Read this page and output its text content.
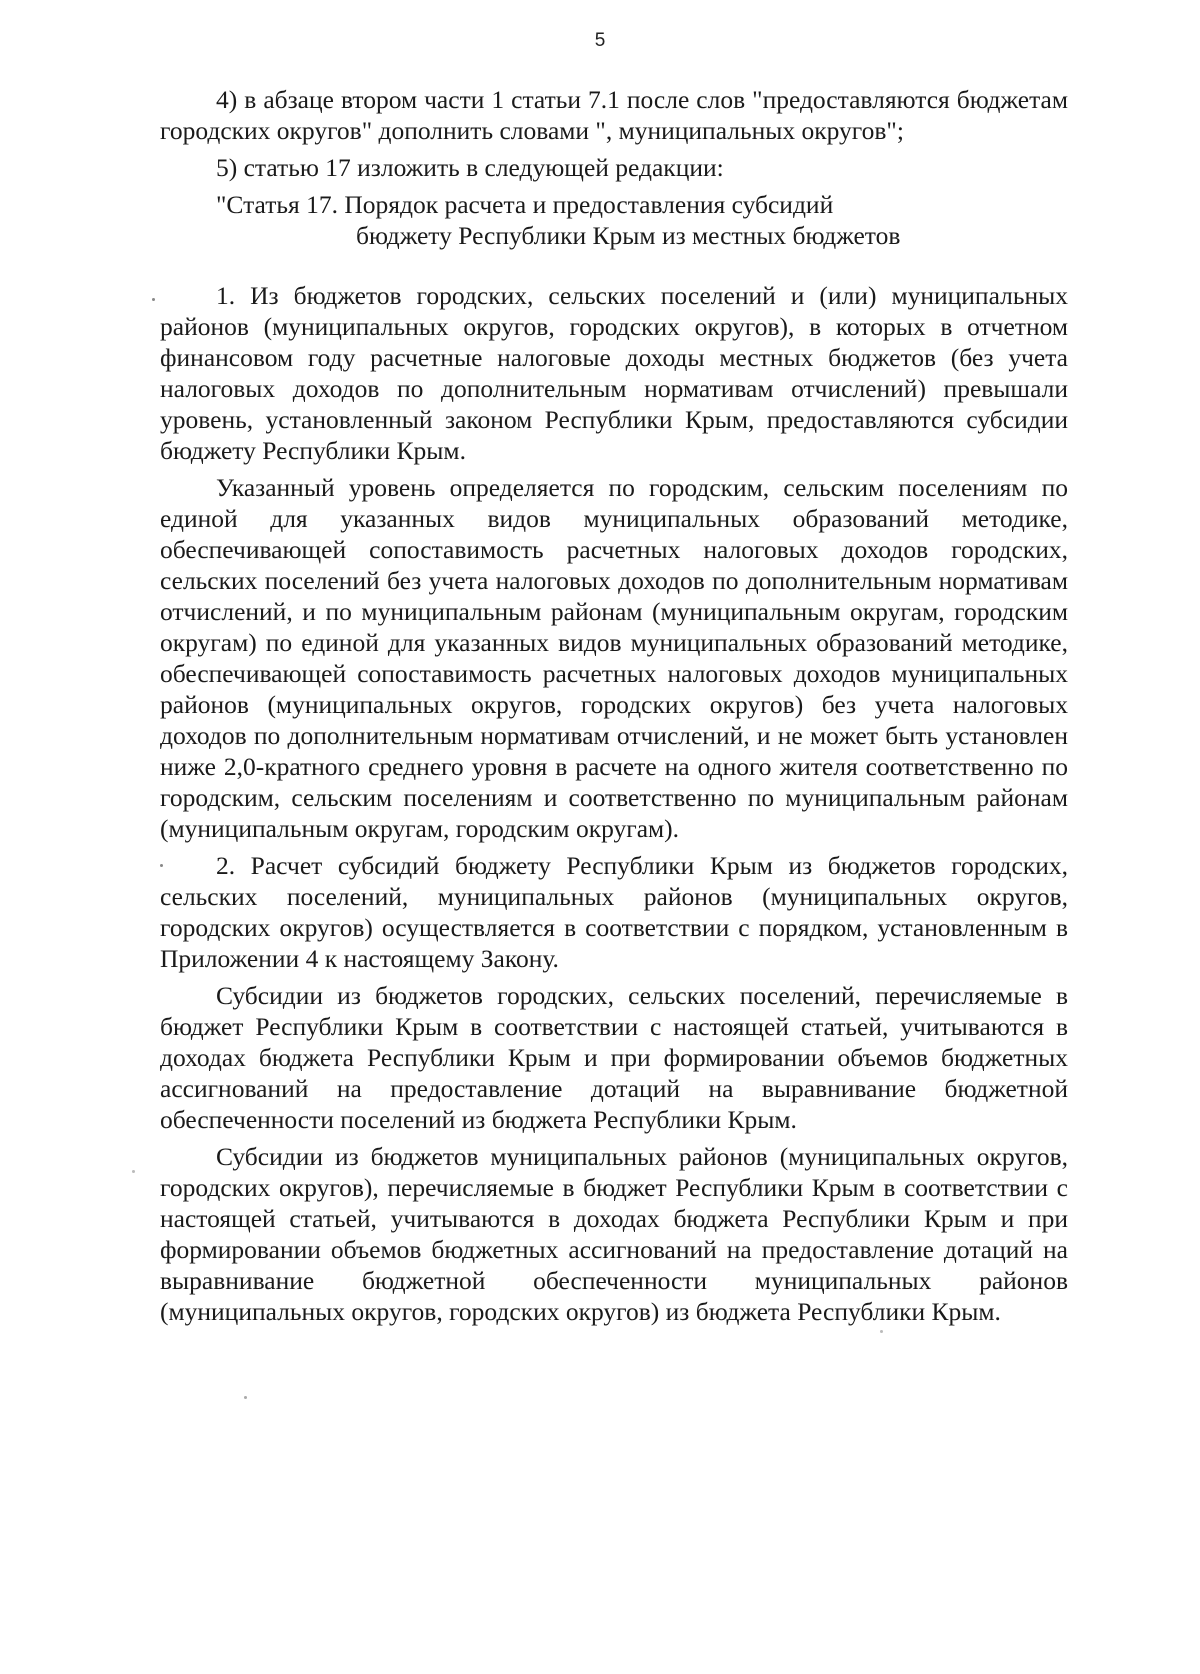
5

4) в абзаце втором части 1 статьи 7.1 после слов "предоставляются бюджетам городских округов" дополнить словами ", муниципальных округов";

5) статью 17 изложить в следующей редакции:

"Статья 17. Порядок расчета и предоставления субсидий

бюджету Республики Крым из местных бюджетов

1. Из бюджетов городских, сельских поселений и (или) муниципальных районов (муниципальных округов, городских округов), в которых в отчетном финансовом году расчетные налоговые доходы местных бюджетов (без учета налоговых доходов по дополнительным нормативам отчислений) превышали уровень, установленный законом Республики Крым, предоставляются субсидии бюджету Республики Крым.

Указанный уровень определяется по городским, сельским поселениям по единой для указанных видов муниципальных образований методике, обеспечивающей сопоставимость расчетных налоговых доходов городских, сельских поселений без учета налоговых доходов по дополнительным нормативам отчислений, и по муниципальным районам (муниципальным округам, городским округам) по единой для указанных видов муниципальных образований методике, обеспечивающей сопоставимость расчетных налоговых доходов муниципальных районов (муниципальных округов, городских округов) без учета налоговых доходов по дополнительным нормативам отчислений, и не может быть установлен ниже 2,0-кратного среднего уровня в расчете на одного жителя соответственно по городским, сельским поселениям и соответственно по муниципальным районам (муниципальным округам, городским округам).

2. Расчет субсидий бюджету Республики Крым из бюджетов городских, сельских поселений, муниципальных районов (муниципальных округов, городских округов) осуществляется в соответствии с порядком, установленным в Приложении 4 к настоящему Закону.

Субсидии из бюджетов городских, сельских поселений, перечисляемые в бюджет Республики Крым в соответствии с настоящей статьей, учитываются в доходах бюджета Республики Крым и при формировании объемов бюджетных ассигнований на предоставление дотаций на выравнивание бюджетной обеспеченности поселений из бюджета Республики Крым.

Субсидии из бюджетов муниципальных районов (муниципальных округов, городских округов), перечисляемые в бюджет Республики Крым в соответствии с настоящей статьей, учитываются в доходах бюджета Республики Крым и при формировании объемов бюджетных ассигнований на предоставление дотаций на выравнивание бюджетной обеспеченности муниципальных районов (муниципальных округов, городских округов) из бюджета Республики Крым.
